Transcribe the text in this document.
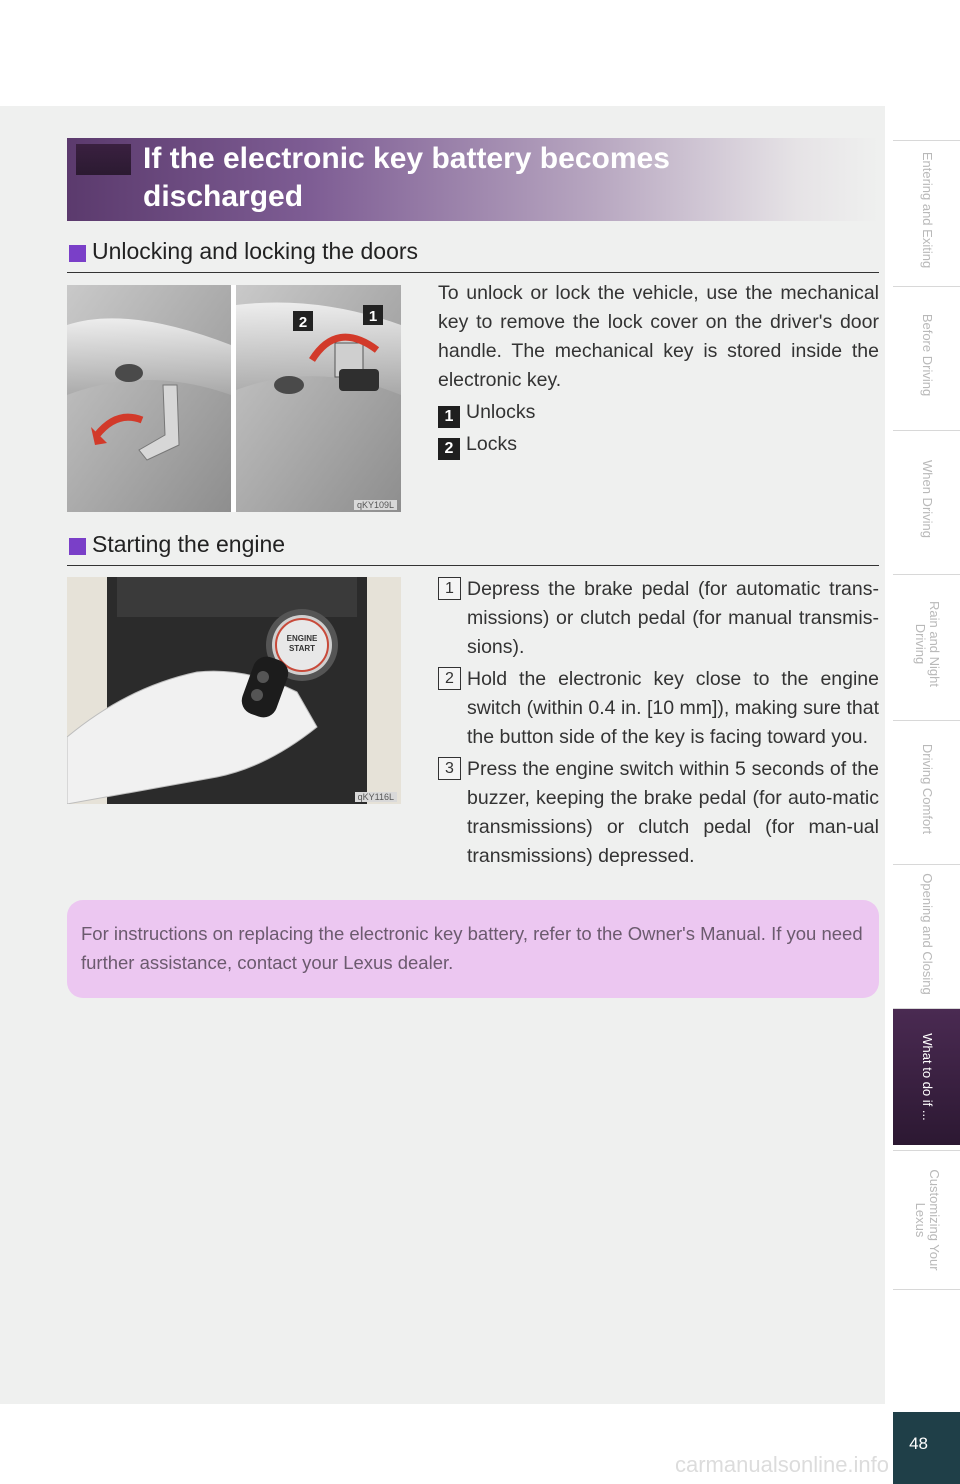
If the electronic key battery becomes
discharged
Unlocking and locking the doors
2	1
qKY109L
To unlock or lock the vehicle, use the mechanical key to remove the lock cover on the driver's door handle. The mechanical key is stored inside the electronic key.
1 Unlocks
2 Locks
Starting the engine
ENGINE
START
qKY116L
1 Depress the brake pedal (for automatic trans-missions) or clutch pedal (for manual transmis-sions).
2 Hold the electronic key close to the engine switch (within 0.4 in. [10 mm]), making sure that the button side of the key is facing toward you.
3 Press the engine switch within 5 seconds of the buzzer, keeping the brake pedal (for auto-matic transmissions) or clutch pedal (for man-ual transmissions) depressed.
For instructions on replacing the electronic key battery, refer to the Owner's Manual. If you need further assistance, contact your Lexus dealer.
Entering and Exiting
Before Driving
When Driving
Rain and Night Driving
Driving Comfort
Opening and Closing
What to do if ...
Customizing Your Lexus
48
carmanualsonline.info
